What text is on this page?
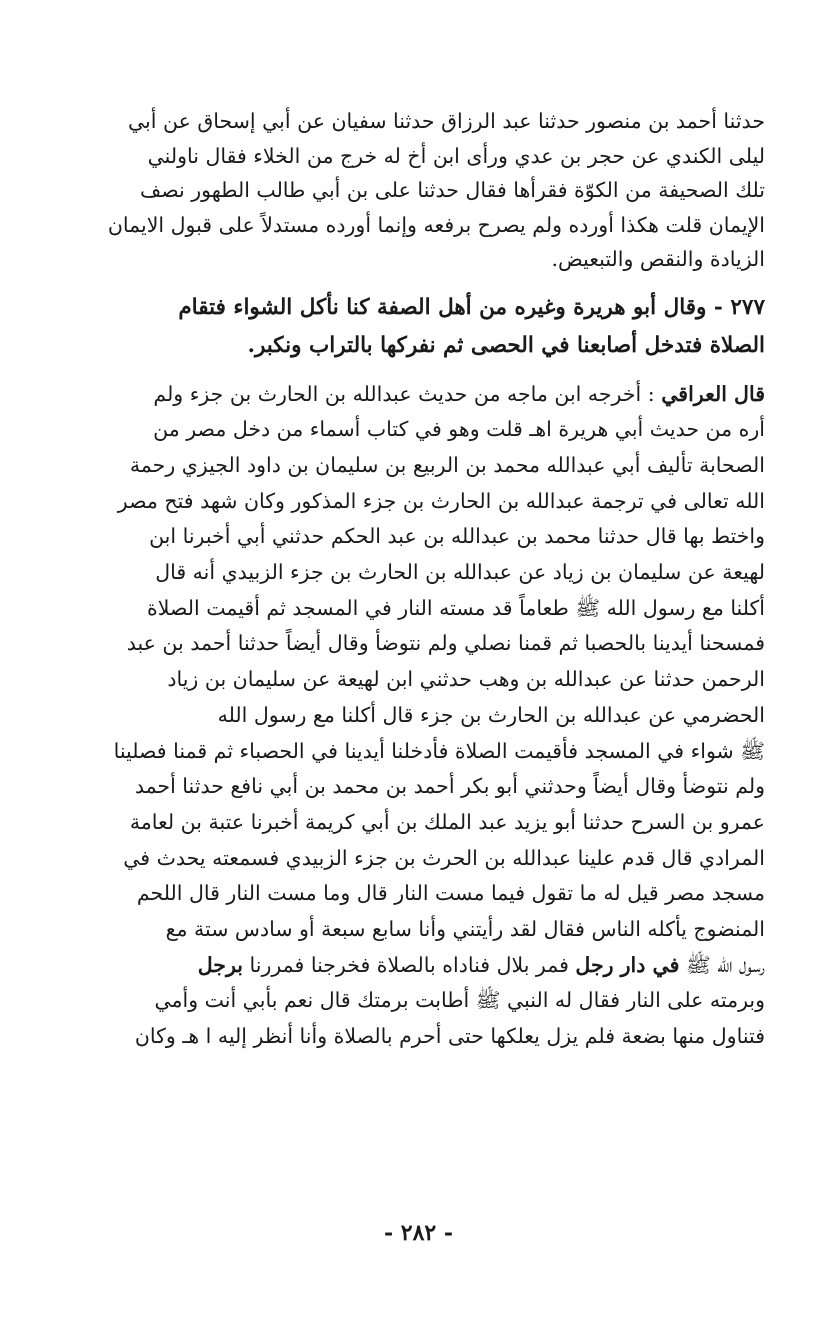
حدثنا أحمد بن منصور حدثنا عبد الرزاق حدثنا سفيان عن أبي إسحاق عن أبي
ليلى الكندي عن حجر بن عدي ورأى ابن أخ له خرج من الخلاء فقال ناولني
تلك الصحيفة من الكوّة فقرأها فقال حدثنا على بن أبي طالب الطهور نصف
الإيمان قلت هكذا أورده ولم يصرح برفعه وإنما أورده مستدلاً على قبول الايمان
الزيادة والنقص والتبعيض.
٢٧٧ - وقال أبو هريرة وغيره من أهل الصفة كنا نأكل الشواء فتقام
الصلاة فتدخل أصابعنا في الحصى ثم نفركها بالتراب ونكبر.
قال العراقي : أخرجه ابن ماجه من حديث عبدالله بن الحارث بن جزء ولم
أره من حديث أبي هريرة اهـ قلت وهو في كتاب أسماء من دخل مصر من
الصحابة تأليف أبي عبدالله محمد بن الربيع بن سليمان بن داود الجيزي رحمة
الله تعالى في ترجمة عبدالله بن الحارث بن جزء المذكور وكان شهد فتح مصر
واختط بها قال حدثنا محمد بن عبدالله بن عبد الحكم حدثني أبي أخبرنا ابن
لهيعة عن سليمان بن زياد عن عبدالله بن الحارث بن جزء الزبيدي أنه قال
أكلنا مع رسول الله ﷺ طعاماً قد مسته النار في المسجد ثم أقيمت الصلاة
فمسحنا أيدينا بالحصبا ثم قمنا نصلي ولم نتوضأ وقال أيضاً حدثنا أحمد بن عبد
الرحمن حدثنا عن عبدالله بن وهب حدثني ابن لهيعة عن سليمان بن زياد
الحضرمي عن عبدالله بن الحارث بن جزء قال أكلنا مع رسول الله
ﷺ شواء في المسجد فأقيمت الصلاة فأدخلنا أيدينا في الحصباء ثم قمنا فصلينا
ولم نتوضأ وقال أيضاً وحدثني أبو بكر أحمد بن محمد بن أبي نافع حدثنا أحمد
عمرو بن السرح حدثنا أبو يزيد عبد الملك بن أبي كريمة أخبرنا عتبة بن لعامة
المرادي قال قدم علينا عبدالله بن الحرث بن جزء الزبيدي فسمعته يحدث في
مسجد مصر قيل له ما تقول فيما مست النار قال وما مست النار قال اللحم
المنضوج يأكله الناس فقال لقد رأيتني وأنا سابع سبعة أو سادس ستة مع
رسول الله ﷺ في دار رجل فمر بلال فناداه بالصلاة فخرجنا فمررنا برجل
وبرمته على النار فقال له النبي ﷺ أطابت برمتك قال نعم بأبي أنت وأمي
فتناول منها بضعة فلم يزل يعلكها حتى أحرم بالصلاة وأنا أنظر إليه ا هـ وكان
- ٢٨٢ -
